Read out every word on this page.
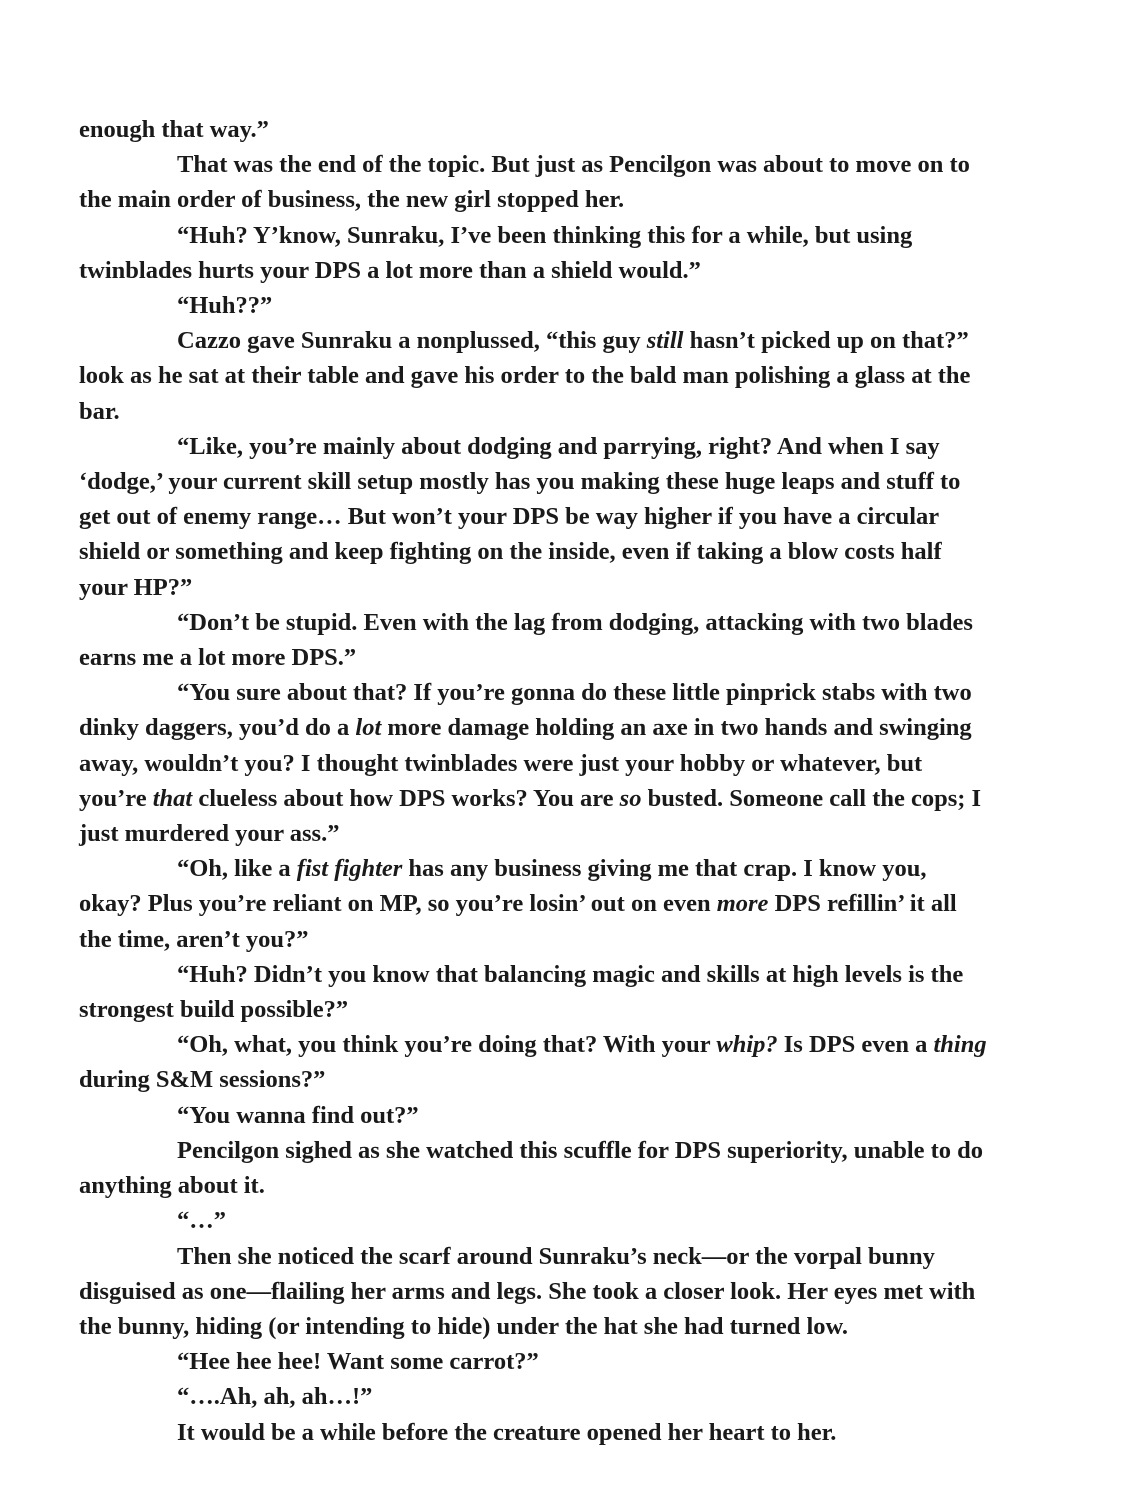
enough that way.”

That was the end of the topic. But just as Pencilgon was about to move on to the main order of business, the new girl stopped her.

“Huh? Y’know, Sunraku, I’ve been thinking this for a while, but using twinblades hurts your DPS a lot more than a shield would.”

“Huh??”

Cazzo gave Sunraku a nonplussed, “this guy still hasn’t picked up on that?” look as he sat at their table and gave his order to the bald man polishing a glass at the bar.

“Like, you’re mainly about dodging and parrying, right? And when I say ‘dodge,’ your current skill setup mostly has you making these huge leaps and stuff to get out of enemy range… But won’t your DPS be way higher if you have a circular shield or something and keep fighting on the inside, even if taking a blow costs half your HP?”

“Don’t be stupid. Even with the lag from dodging, attacking with two blades earns me a lot more DPS.”

“You sure about that? If you’re gonna do these little pinprick stabs with two dinky daggers, you’d do a lot more damage holding an axe in two hands and swinging away, wouldn’t you? I thought twinblades were just your hobby or whatever, but you’re that clueless about how DPS works? You are so busted. Someone call the cops; I just murdered your ass.”

“Oh, like a fist fighter has any business giving me that crap. I know you, okay? Plus you’re reliant on MP, so you’re losin’ out on even more DPS refillin’ it all the time, aren’t you?”

“Huh? Didn’t you know that balancing magic and skills at high levels is the strongest build possible?”

“Oh, what, you think you’re doing that? With your whip? Is DPS even a thing during S&M sessions?”

“You wanna find out?”

Pencilgon sighed as she watched this scuffle for DPS superiority, unable to do anything about it.

“…”

Then she noticed the scarf around Sunraku’s neck—or the vorpal bunny disguised as one—flailing her arms and legs. She took a closer look. Her eyes met with the bunny, hiding (or intending to hide) under the hat she had turned low.

“Hee hee hee! Want some carrot?”

“….Ah, ah, ah…!”

It would be a while before the creature opened her heart to her.
